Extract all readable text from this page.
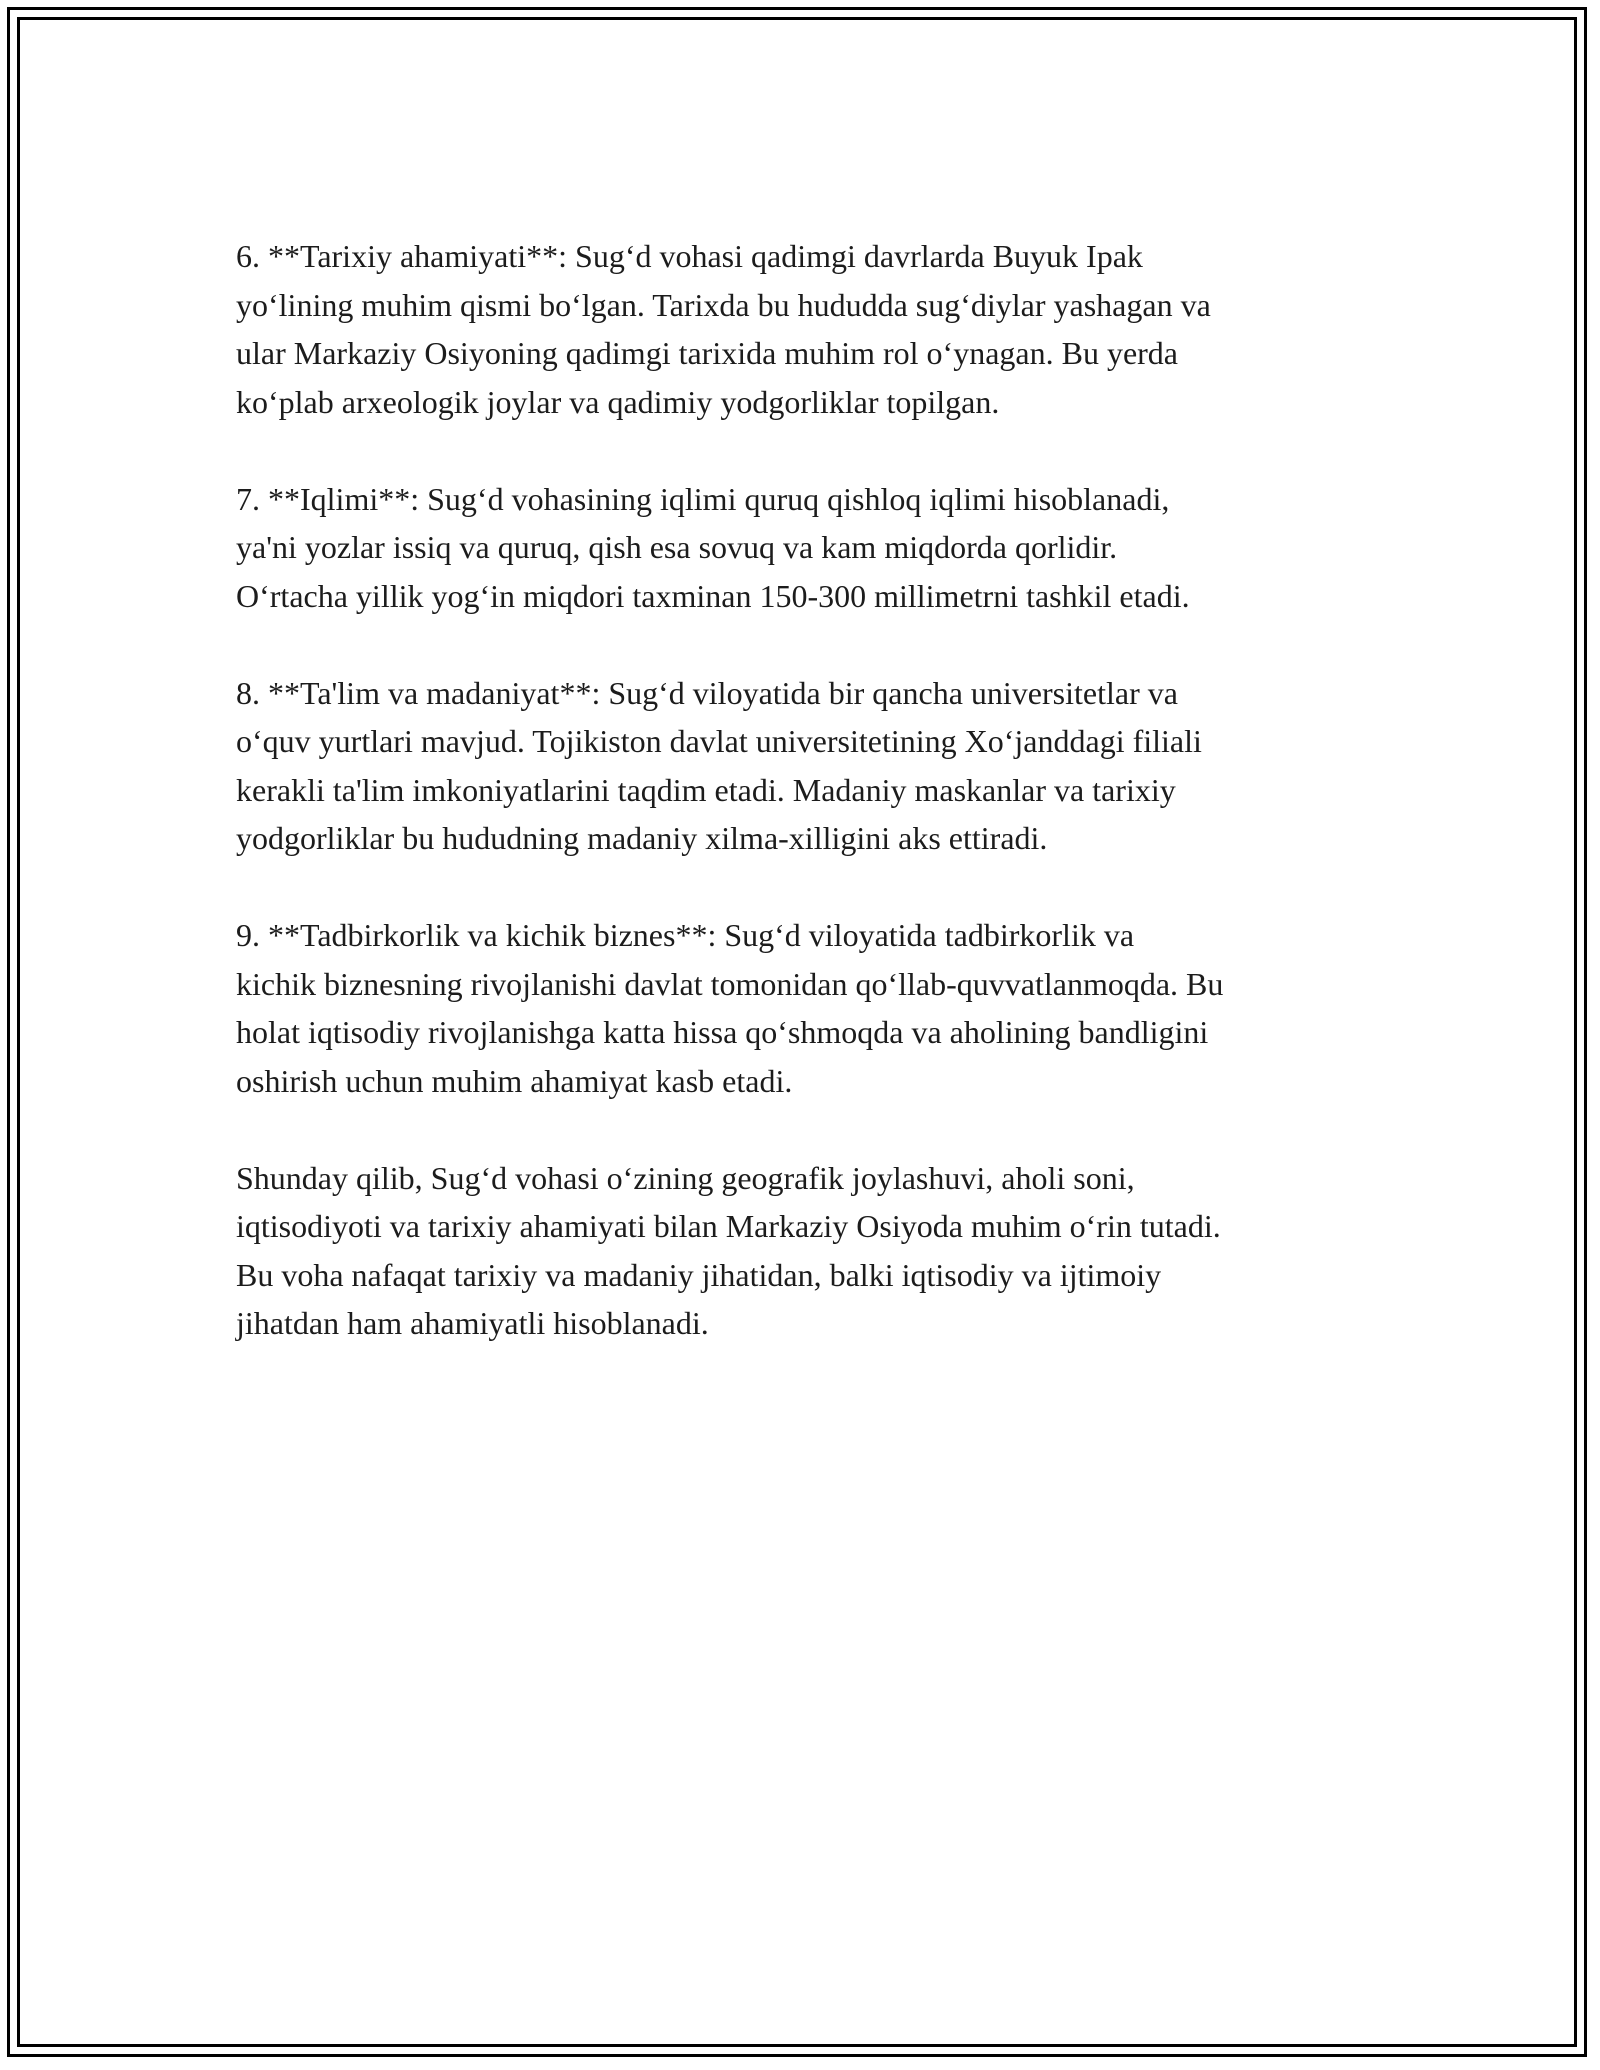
6. **Tarixiy ahamiyati**: Sug‘d vohasi qadimgi davrlarda Buyuk Ipak
yo‘lining muhim qismi bo‘lgan. Tarixda bu hududda sug‘diylar yashagan va
ular Markaziy Osiyoning qadimgi tarixida muhim rol o‘ynagan. Bu yerda
ko‘plab arxeologik joylar va qadimiy yodgorliklar topilgan.

7. **Iqlimi**: Sug‘d vohasining iqlimi quruq qishloq iqlimi hisoblanadi,
ya'ni yozlar issiq va quruq, qish esa sovuq va kam miqdorda qorlidir.
O‘rtacha yillik yog‘in miqdori taxminan 150-300 millimetrni tashkil etadi.

8. **Ta'lim va madaniyat**: Sug‘d viloyatida bir qancha universitetlar va
o‘quv yurtlari mavjud. Tojikiston davlat universitetining Xo‘janddagi filiali
kerakli ta'lim imkoniyatlarini taqdim etadi. Madaniy maskanlar va tarixiy
yodgorliklar bu hududning madaniy xilma-xilligini aks ettiradi.

9. **Tadbirkorlik va kichik biznes**: Sug‘d viloyatida tadbirkorlik va
kichik biznesning rivojlanishi davlat tomonidan qo‘llab-quvvatlanmoqda. Bu
holat iqtisodiy rivojlanishga katta hissa qo‘shmoqda va aholining bandligini
oshirish uchun muhim ahamiyat kasb etadi.

Shunday qilib, Sug‘d vohasi o‘zining geografik joylashuvi, aholi soni,
iqtisodiyoti va tarixiy ahamiyati bilan Markaziy Osiyoda muhim o‘rin tutadi.
Bu voha nafaqat tarixiy va madaniy jihatidan, balki iqtisodiy va ijtimoiy
jihatdan ham ahamiyatli hisoblanadi.
